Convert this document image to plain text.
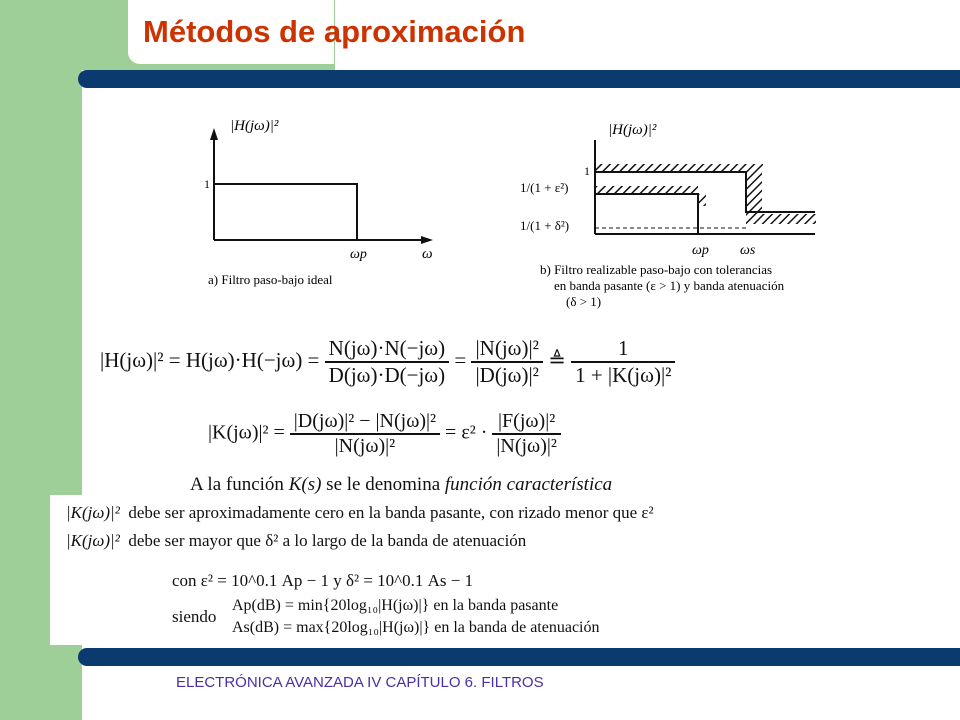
Métodos de aproximación
|H(jω)|²
1
ωp	ω
a) Filtro paso-bajo ideal
|H(jω)|²
1
1/(1 + ε²)
1/(1 + δ²)
ωp ωs
b) Filtro realizable paso-bajo con tolerancias
en banda pasante (ε > 1) y banda atenuación
(δ > 1)
$|H(j\omega)|^2 = H(j\omega)\cdot H(-j\omega) = \frac{N(j\omega)\cdot N(-j\omega)}{D(j\omega)\cdot D(-j\omega)} = \frac{\text{|N(jω)|²}}{\text{|D(jω)|²}}$ ≜ $\frac{1}{\text{1 + |K(jω)|²}}$
$|K(j\omega)|^2 = \frac{\text{|D(jω)|² − |N(jω)|²}}{\text{|N(jω)|²}} = \varepsilon^2 \cdot \frac{\text{|F(jω)|²}}{\text{|N(jω)|²}}$
A la función K(s) se le denomina función característica
|K(jω)|² debe ser aproximadamente cero en la banda pasante, con rizado menor que ε²
|K(jω)|² debe ser mayor que δ² a lo largo de la banda de atenuación
con ε² = 10^0.1 Ap − 1 y δ² = 10^0.1 As − 1
siendo
Ap(dB) = min{20log₁₀|H(jω)|} en la banda pasante
As(dB) = max{20log₁₀|H(jω)|} en la banda de atenuación
ELECTRÓNICA AVANZADA IV CAPÍTULO 6. FILTROS
